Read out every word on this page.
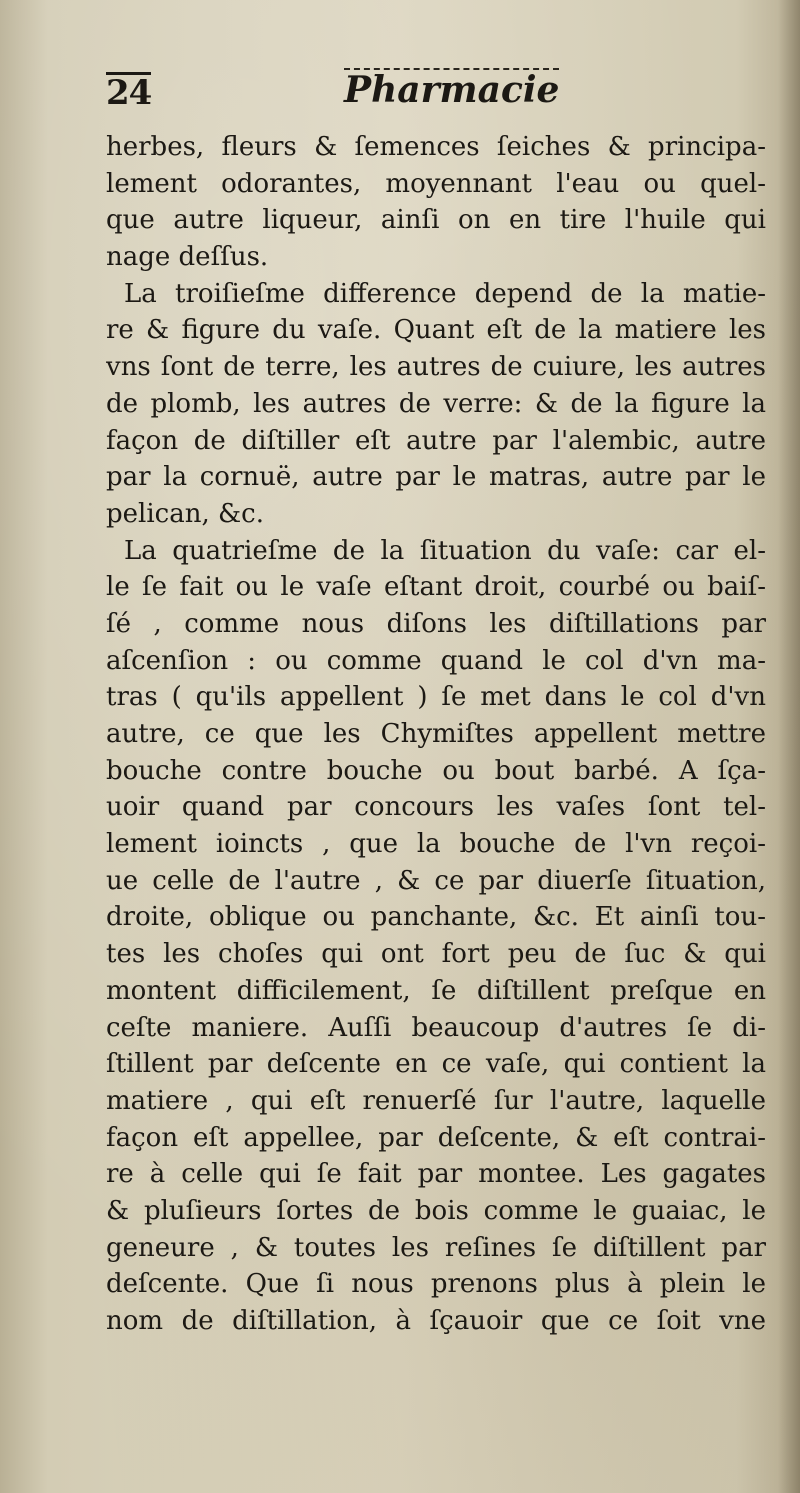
24	Pharmacie
herbes, fleurs & ſemences ſeiches & principa-
lement odorantes, moyennant l'eau ou quel-
que autre liqueur, ainſi on en tire l'huile qui
nage deſſus.
La troiſieſme difference depend de la matie-
re & figure du vaſe. Quant eſt de la matiere les
vns ſont de terre, les autres de cuiure, les autres
de plomb, les autres de verre: & de la figure la
façon de diſtiller eſt autre par l'alembic, autre
par la cornuë, autre par le matras, autre par le
pelican, &c.
La quatrieſme de la ſituation du vaſe: car el-
le ſe fait ou le vaſe eſtant droit, courbé ou baiſ-
ſé , comme nous diſons les diſtillations par
aſcenſion : ou comme quand le col d'vn ma-
tras ( qu'ils appellent ) ſe met dans le col d'vn
autre, ce que les Chymiſtes appellent mettre
bouche contre bouche ou bout barbé. A ſça-
uoir quand par concours les vaſes ſont tel-
lement ioincts , que la bouche de l'vn reçoi-
ue celle de l'autre , & ce par diuerſe ſituation,
droite, oblique ou panchante, &c. Et ainſi tou-
tes les choſes qui ont fort peu de ſuc & qui
montent difficilement, ſe diſtillent preſque en
ceſte maniere. Auſſi beaucoup d'autres ſe di-
ſtillent par deſcente en ce vaſe, qui contient la
matiere , qui eſt renuerſé ſur l'autre, laquelle
façon eſt appellee, par deſcente, & eſt contrai-
re à celle qui ſe fait par montee. Les gagates
& pluſieurs ſortes de bois comme le guaiac, le
geneure , & toutes les reſines ſe diſtillent par
deſcente. Que ſi nous prenons plus à plein le
nom de diſtillation, à ſçauoir que ce ſoit vne
